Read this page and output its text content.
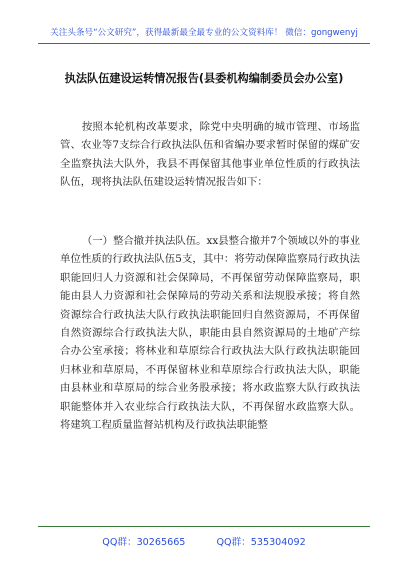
关注头条号“公文研究”，获得最新最全最专业的公文资料库！ 微信：gongwenyj
执法队伍建设运转情况报告(县委机构编制委员会办公室)

按照本轮机构改革要求，除党中央明确的城市管理、市场监管、农业等7支综合行政执法队伍和省编办要求暂时保留的煤矿安全监察执法大队外，我县不再保留其他事业单位性质的行政执法队伍，现将执法队伍建设运转情况报告如下：

（一）整合撤并执法队伍。xx县整合撤并7个领域以外的事业单位性质的行政执法队伍5支，其中：将劳动保障监察局行政执法职能回归人力资源和社会保障局，不再保留劳动保障监察局，职能由县人力资源和社会保障局的劳动关系和法规股承接；将自然资源综合行政执法大队行政执法职能回归自然资源局，不再保留自然资源综合行政执法大队，职能由县自然资源局的土地矿产综合办公室承接；将林业和草原综合行政执法大队行政执法职能回归林业和草原局，不再保留林业和草原综合行政执法大队，职能由县林业和草原局的综合业务股承接；将水政监察大队行政执法职能整体并入农业综合行政执法大队，不再保留水政监察大队。将建筑工程质量监督站机构及行政执法职能整

QQ群：30265665	QQ群：535304092
